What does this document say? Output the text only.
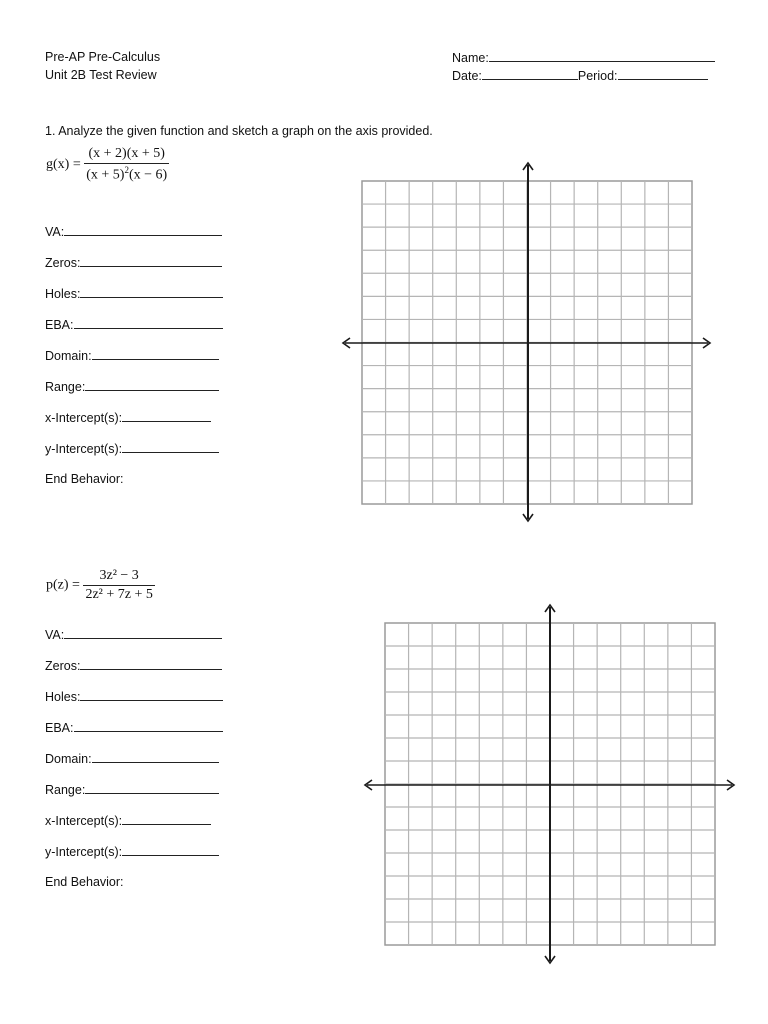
Pre-AP Pre-Calculus
Unit 2B Test Review
Name:
Date:	Period:
1. Analyze the given function and sketch a graph on the axis provided.
$g(x) = \frac{(x + 2)(x + 5)}{(x + 5)^2(x - 6)}$
VA:
Zeros:
Holes:
EBA:
Domain:
Range:
x-Intercept(s):
y-Intercept(s):
End Behavior:
$p(z) = \frac{\text{3z² − 3}}{\text{2z² + 7z + 5}}$
VA:
Zeros:
Holes:
EBA:
Domain:
Range:
x-Intercept(s):
y-Intercept(s):
End Behavior:
